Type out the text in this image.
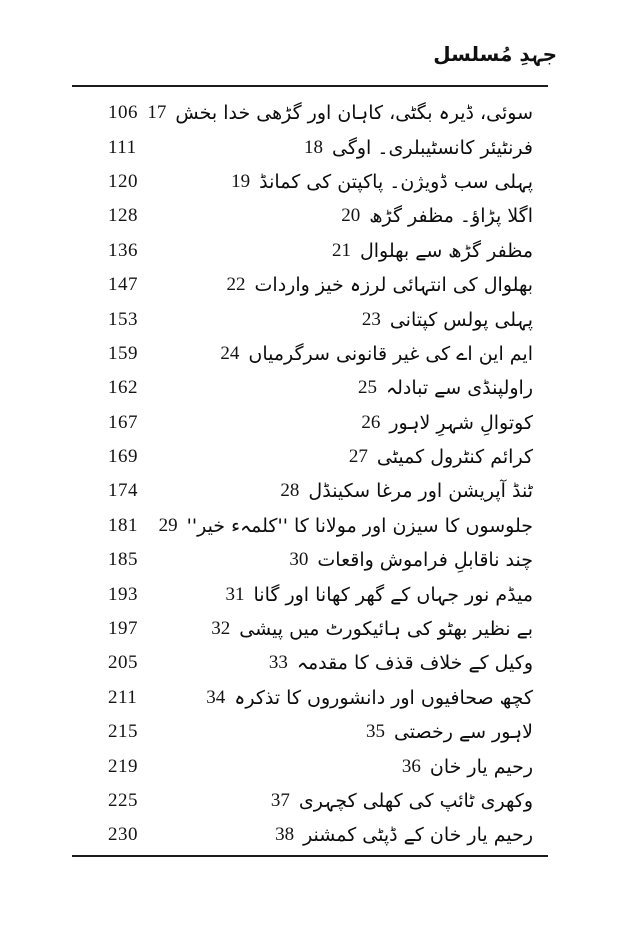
جہدِ مُسلسل
106 17 سوئی، ڈیرہ بگٹی، کاہان اور گڑھی خدا بخش
111	18 فرنٹیئر کانسٹیبلری۔ اوگی
120	19 پہلی سب ڈویژن۔ پاکپتن کی کمانڈ
128	20 اگلا پڑاؤ۔ مظفر گڑھ
136	21 مظفر گڑھ سے بھلوال
147	22 بھلوال کی انتہائی لرزہ خیز واردات
153	23 پہلی پولس کپتانی
159	24 ایم این اے کی غیر قانونی سرگرمیاں
162	25 راولپنڈی سے تبادلہ
167	26 کوتوالِ شہرِ لاہور
169	27 کرائم کنٹرول کمیٹی
174	28 ٹنڈ آپریشن اور مرغا سکینڈل
181 29 جلوسوں کا سیزن اور مولانا کا ''کلمہء خیر''
185	30 چند ناقابلِ فراموش واقعات
193	31 میڈم نور جہاں کے گھر کھانا اور گانا
197	32 بے نظیر بھٹو کی ہائیکورٹ میں پیشی
205	33 وکیل کے خلاف قذف کا مقدمہ
211	34 کچھ صحافیوں اور دانشوروں کا تذکرہ
215	35 لاہور سے رخصتی
219	36 رحیم یار خان
225	37 وکھری ٹائپ کی کھلی کچہری
230	38 رحیم یار خان کے ڈپٹی کمشنر
